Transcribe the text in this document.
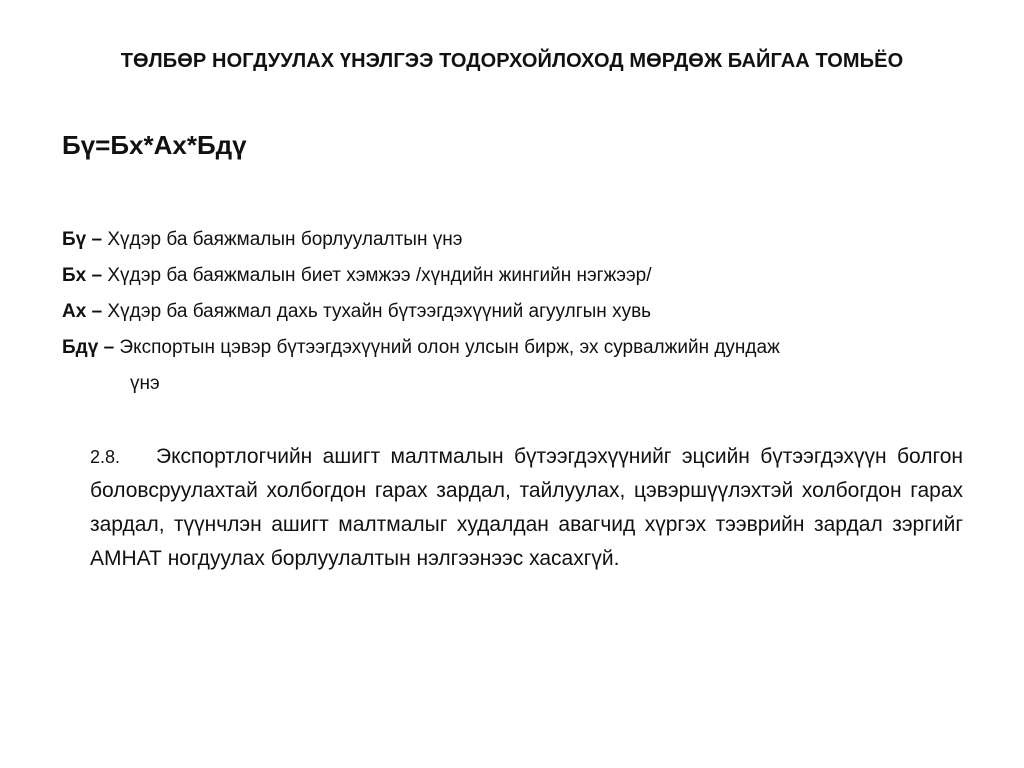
ТӨЛБӨР НОГДУУЛАХ ҮНЭЛГЭЭ ТОДОРХОЙЛОХОД МӨРДӨЖ БАЙГАА ТОМЬЁО
Бү=Бх*Ах*Бдү

Бү – Хүдэр ба баяжмалын борлуулалтын үнэ

Бх – Хүдэр ба баяжмалын биет хэмжээ /хүндийн жингийн нэгжээр/

Ах – Хүдэр ба баяжмал дахь тухайн бүтээгдэхүүний агуулгын хувь

Бдү – Экспортын цэвэр бүтээгдэхүүний олон улсын бирж, эх сурвалжийн дундаж

үнэ

2.8. Экспортлогчийн ашигт малтмалын бүтээгдэхүүнийг эцсийн бүтээгдэхүүн болгон боловсруулахтай холбогдон гарах зардал, тайлуулах, цэвэршүүлэхтэй холбогдон гарах зардал, түүнчлэн ашигт малтмалыг худалдан авагчид хүргэх тээврийн зардал зэргийг АМНАТ ногдуулах борлуулалтын нэлгээнээс хасахгүй.
